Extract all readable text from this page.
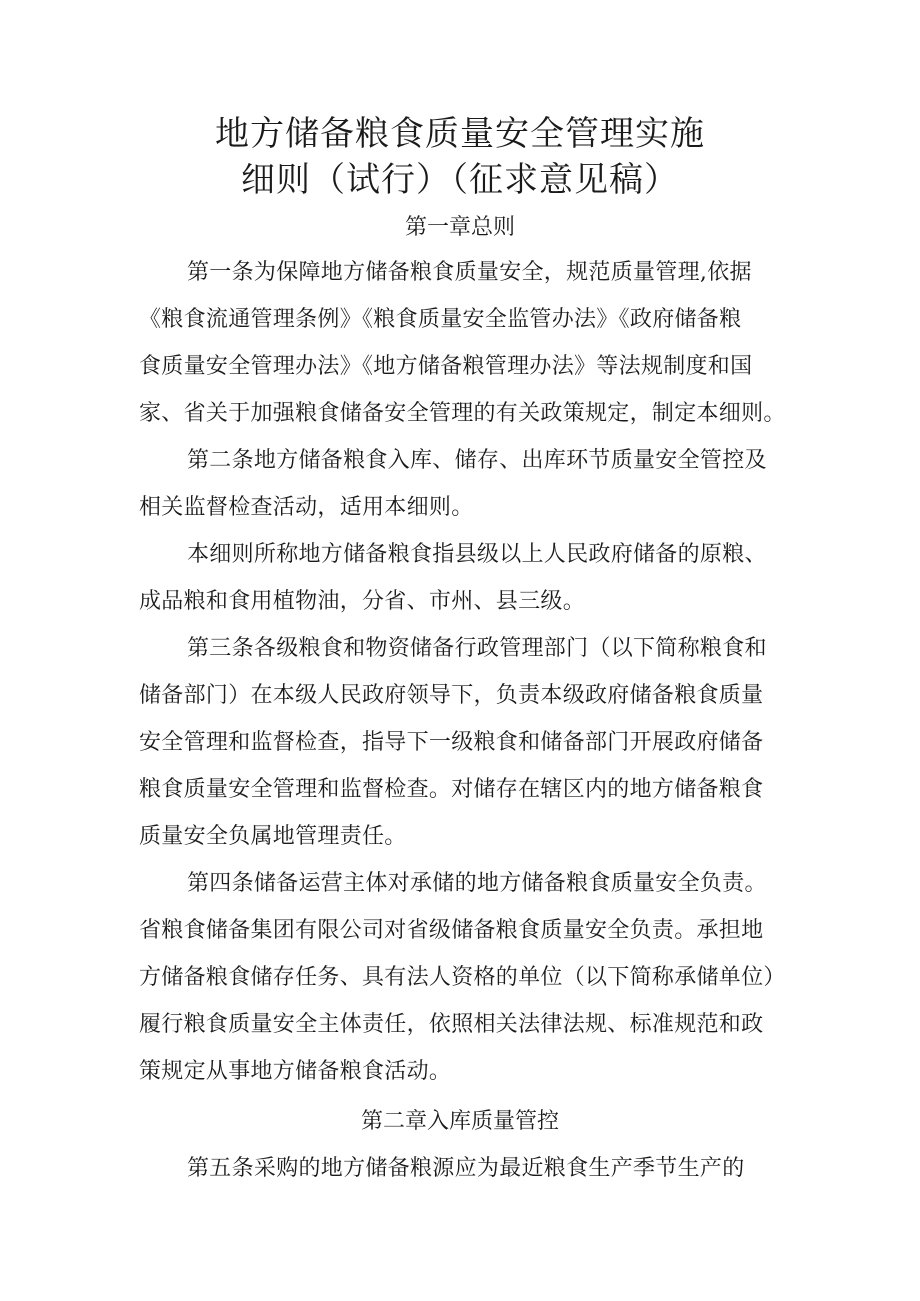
地方储备粮食质量安全管理实施
细则（试行）（征求意见稿）
第一章总则
第一条为保障地方储备粮食质量安全，规范质量管理,依据
《粮食流通管理条例》《粮食质量安全监管办法》《政府储备粮
食质量安全管理办法》《地方储备粮管理办法》等法规制度和国
家、省关于加强粮食储备安全管理的有关政策规定，制定本细则。
第二条地方储备粮食入库、储存、出库环节质量安全管控及
相关监督检查活动，适用本细则。
本细则所称地方储备粮食指县级以上人民政府储备的原粮、
成品粮和食用植物油，分省、市州、县三级。
第三条各级粮食和物资储备行政管理部门（以下简称粮食和
储备部门）在本级人民政府领导下，负责本级政府储备粮食质量
安全管理和监督检查，指导下一级粮食和储备部门开展政府储备
粮食质量安全管理和监督检查。对储存在辖区内的地方储备粮食
质量安全负属地管理责任。
第四条储备运营主体对承储的地方储备粮食质量安全负责。
省粮食储备集团有限公司对省级储备粮食质量安全负责。承担地
方储备粮食储存任务、具有法人资格的单位（以下简称承储单位）
履行粮食质量安全主体责任，依照相关法律法规、标准规范和政
策规定从事地方储备粮食活动。
第二章入库质量管控
第五条采购的地方储备粮源应为最近粮食生产季节生产的
